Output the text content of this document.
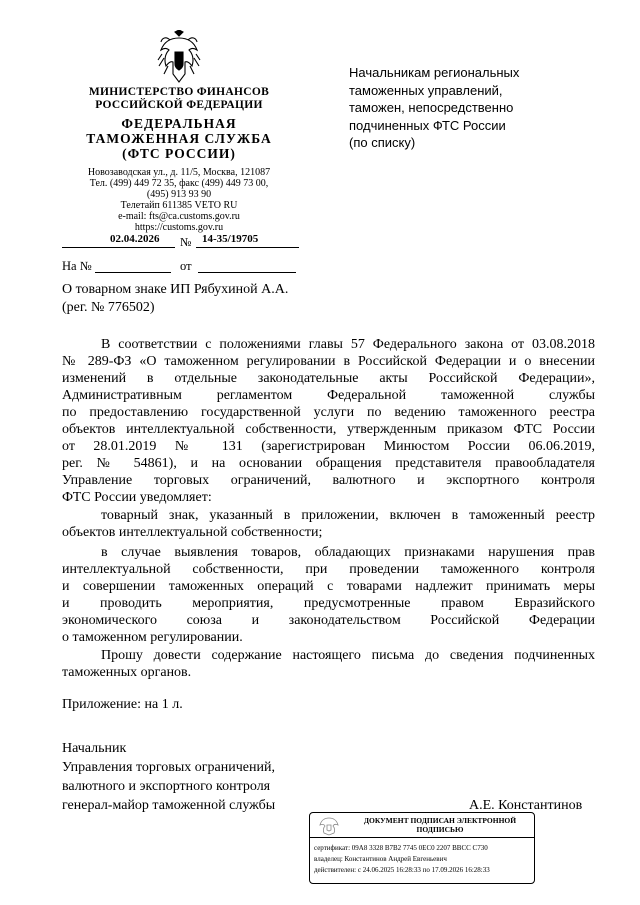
МИНИСТЕРСТВО ФИНАНСОВ
РОССИЙСКОЙ ФЕДЕРАЦИИ
ФЕДЕРАЛЬНАЯ
ТАМОЖЕННАЯ СЛУЖБА
(ФТС РОССИИ)
Новозаводская ул., д. 11/5, Москва, 121087
Тел. (499) 449 72 35, факс (499) 449 73 00,
(495) 913 93 90
Телетайп 611385 VETO RU
e-mail: fts@ca.customs.gov.ru
https://customs.gov.ru
02.04.2026 № 14-35/19705
На №	от
Начальникам региональных
таможенных управлений,
таможен, непосредственно
подчиненных ФТС России
(по списку)
О товарном знаке ИП Рябухиной А.А.
(рег. № 776502)
В соответствии с положениями главы 57 Федерального закона от 03.08.2018
№ 289-ФЗ «О таможенном регулировании в Российской Федерации и о внесении
изменений в отдельные законодательные акты Российской Федерации»,
Административным регламентом Федеральной таможенной службы
по предоставлению государственной услуги по ведению таможенного реестра
объектов интеллектуальной собственности, утвержденным приказом ФТС России
от 28.01.2019 № 131 (зарегистрирован Минюстом России 06.06.2019,
рег. № 54861), и на основании обращения представителя правообладателя
Управление торговых ограничений, валютного и экспортного контроля
ФТС России уведомляет:
товарный знак, указанный в приложении, включен в таможенный реестр
объектов интеллектуальной собственности;
в случае выявления товаров, обладающих признаками нарушения прав
интеллектуальной собственности, при проведении таможенного контроля
и совершении таможенных операций с товарами надлежит принимать меры
и проводить мероприятия, предусмотренные правом Евразийского
экономического союза и законодательством Российской Федерации
о таможенном регулировании.
Прошу довести содержание настоящего письма до сведения подчиненных
таможенных органов.
Приложение: на 1 л.
Начальник
Управления торговых ограничений,
валютного и экспортного контроля
генерал-майор таможенной службы	А.Е. Константинов
ДОКУМЕНТ ПОДПИСАН ЭЛЕКТРОННОЙ
ПОДПИСЬЮ
сертификат: 09A8 3328 B7B2 7745 0EC0 2207 BBCC C730
владелец: Константинов Андрей Евгеньевич
действителен: с 24.06.2025 16:28:33 по 17.09.2026 16:28:33
